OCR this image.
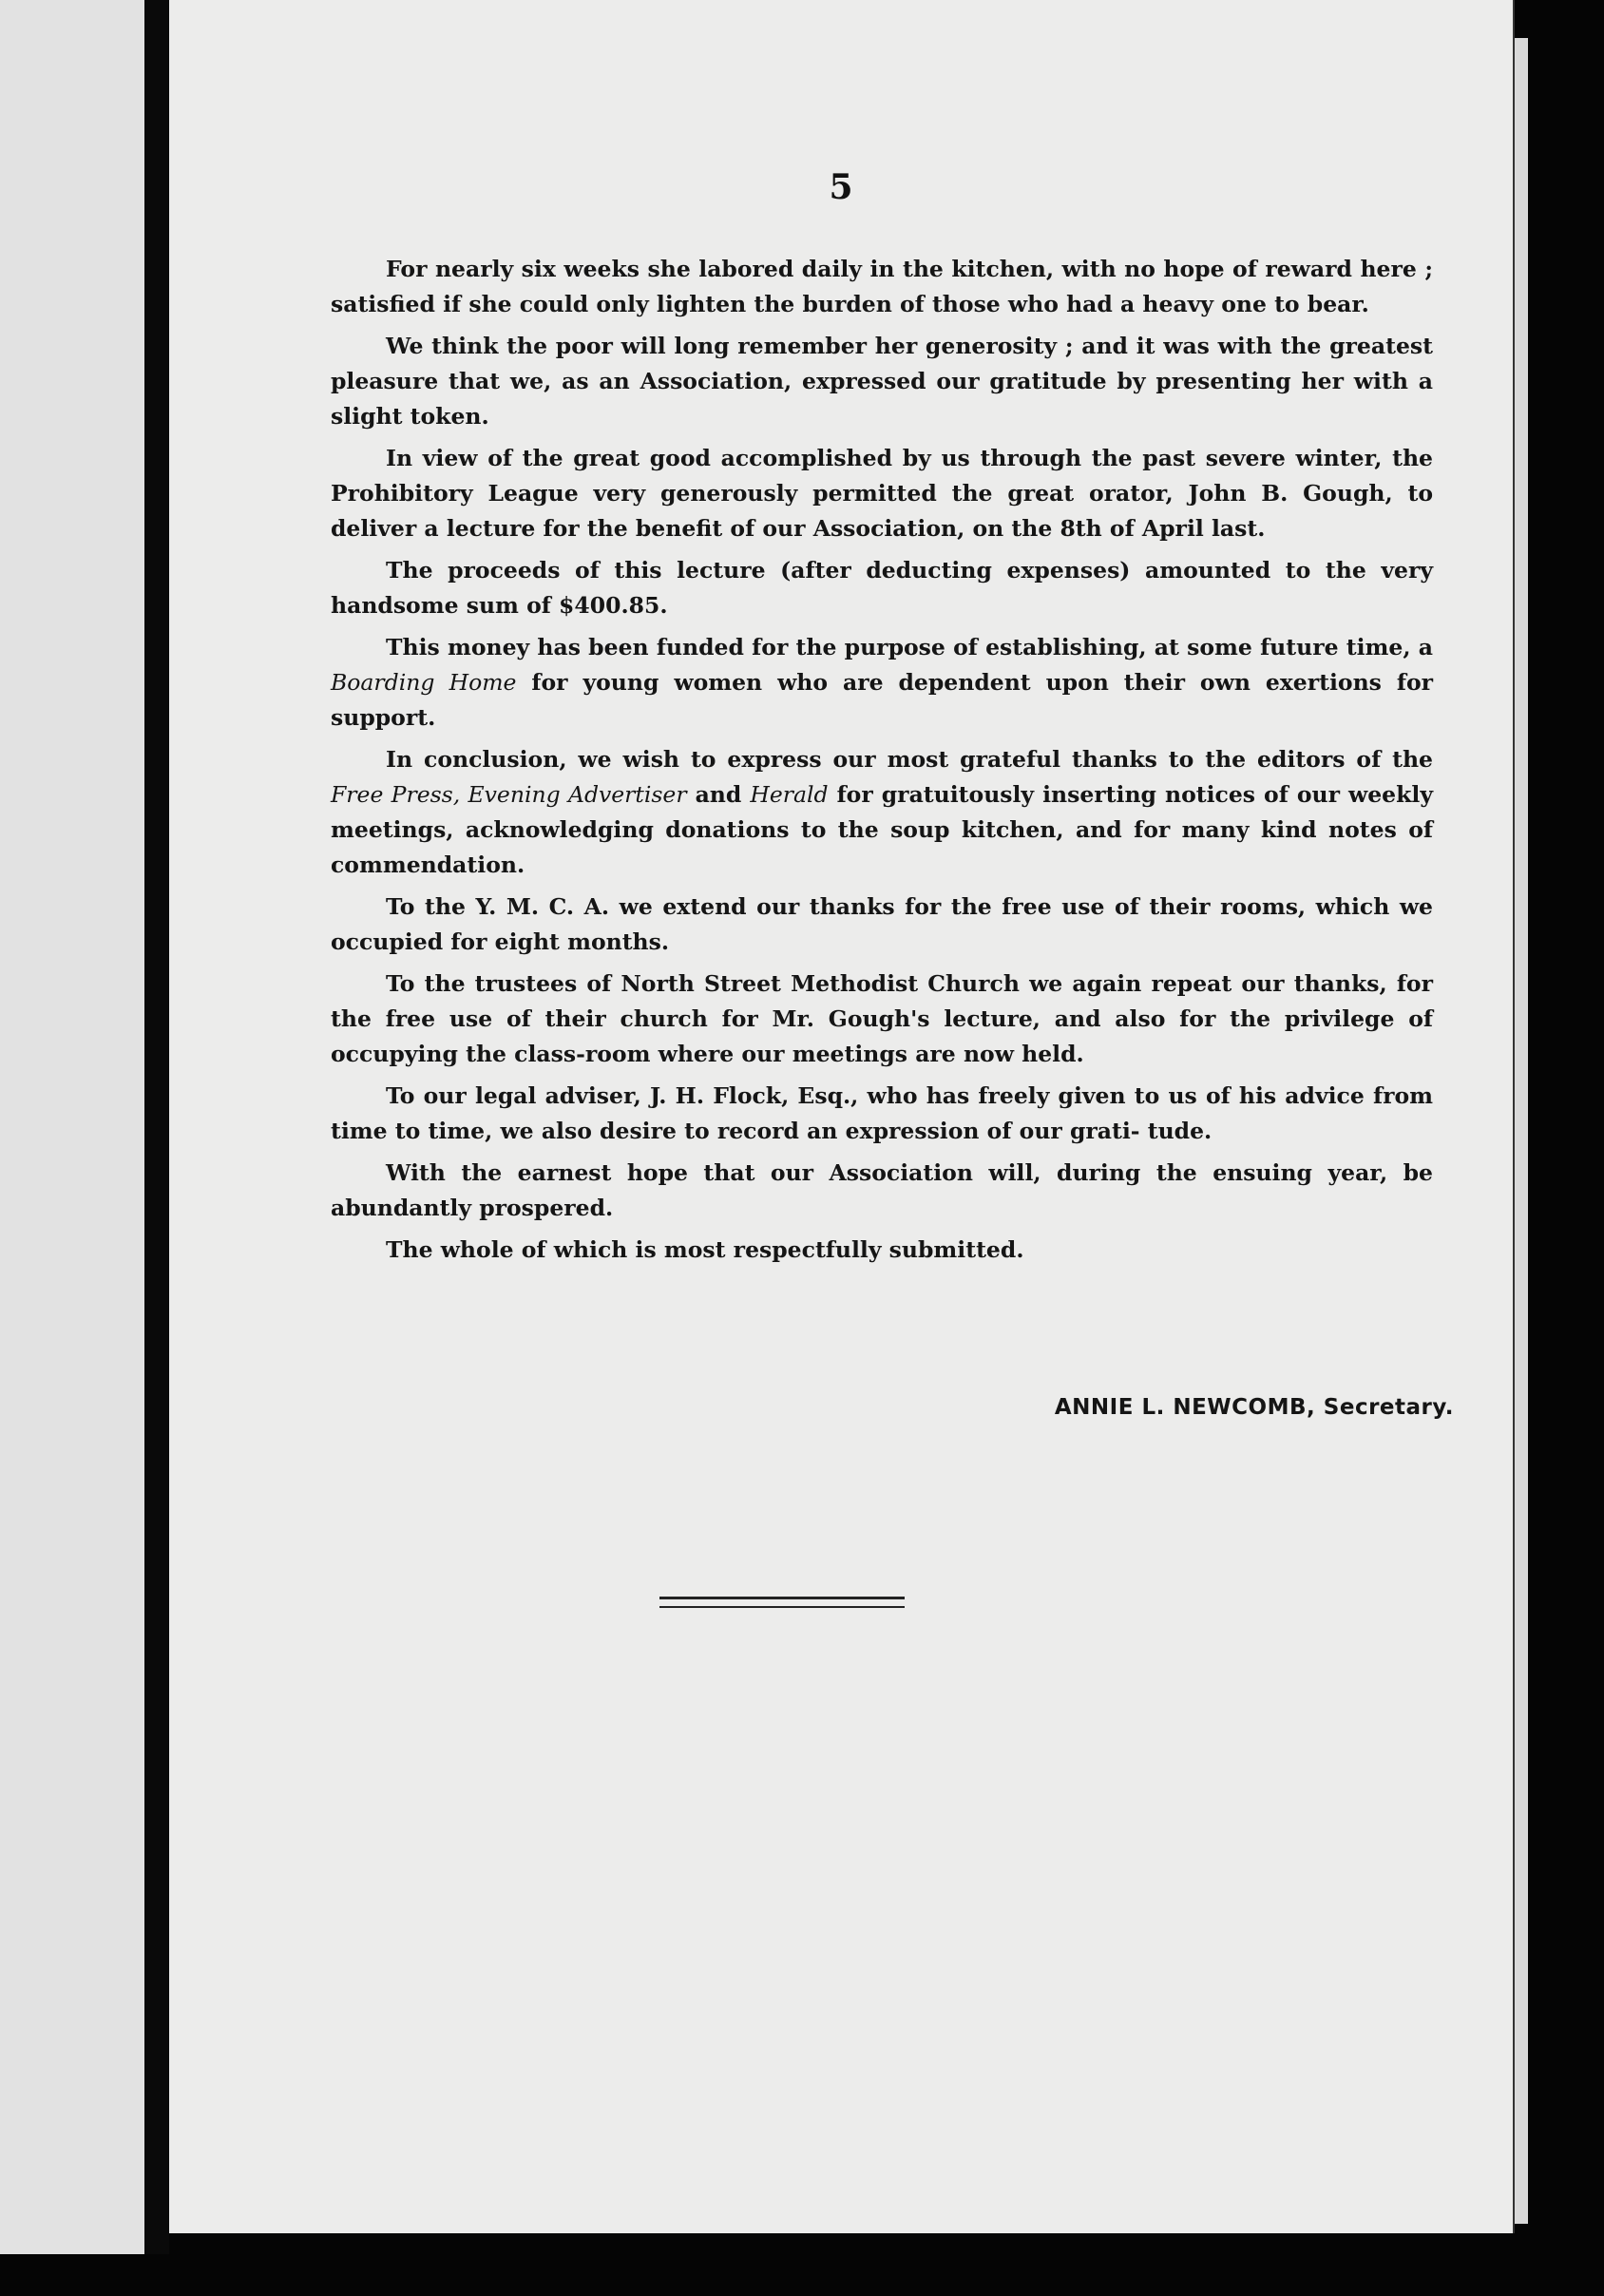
5

For nearly six weeks she labored daily in the kitchen, with no hope of reward here ; satisfied if she could only lighten the burden of those who had a heavy one to bear.

We think the poor will long remember her generosity ; and it was with the greatest pleasure that we, as an Association, expressed our gratitude by presenting her with a slight token.

In view of the great good accomplished by us through the past severe winter, the Prohibitory League very generously permitted the great orator, John B. Gough, to deliver a lecture for the benefit of our Association, on the 8th of April last.

The proceeds of this lecture (after deducting expenses) amounted to the very handsome sum of $400.85.

This money has been funded for the purpose of establishing, at some future time, a Boarding Home for young women who are dependent upon their own exertions for support.

In conclusion, we wish to express our most grateful thanks to the editors of the Free Press, Evening Advertiser and Herald for gratuitously inserting notices of our weekly meetings, acknowledging donations to the soup kitchen, and for many kind notes of commendation.

To the Y. M. C. A. we extend our thanks for the free use of their rooms, which we occupied for eight months.

To the trustees of North Street Methodist Church we again repeat our thanks, for the free use of their church for Mr. Gough's lecture, and also for the privilege of occupying the class-room where our meetings are now held.

To our legal adviser, J. H. Flock, Esq., who has freely given to us of his advice from time to time, we also desire to record an expression of our grati- tude.

With the earnest hope that our Association will, during the ensuing year, be abundantly prospered.

The whole of which is most respectfully submitted.

ANNIE L. NEWCOMB, Secretary.
